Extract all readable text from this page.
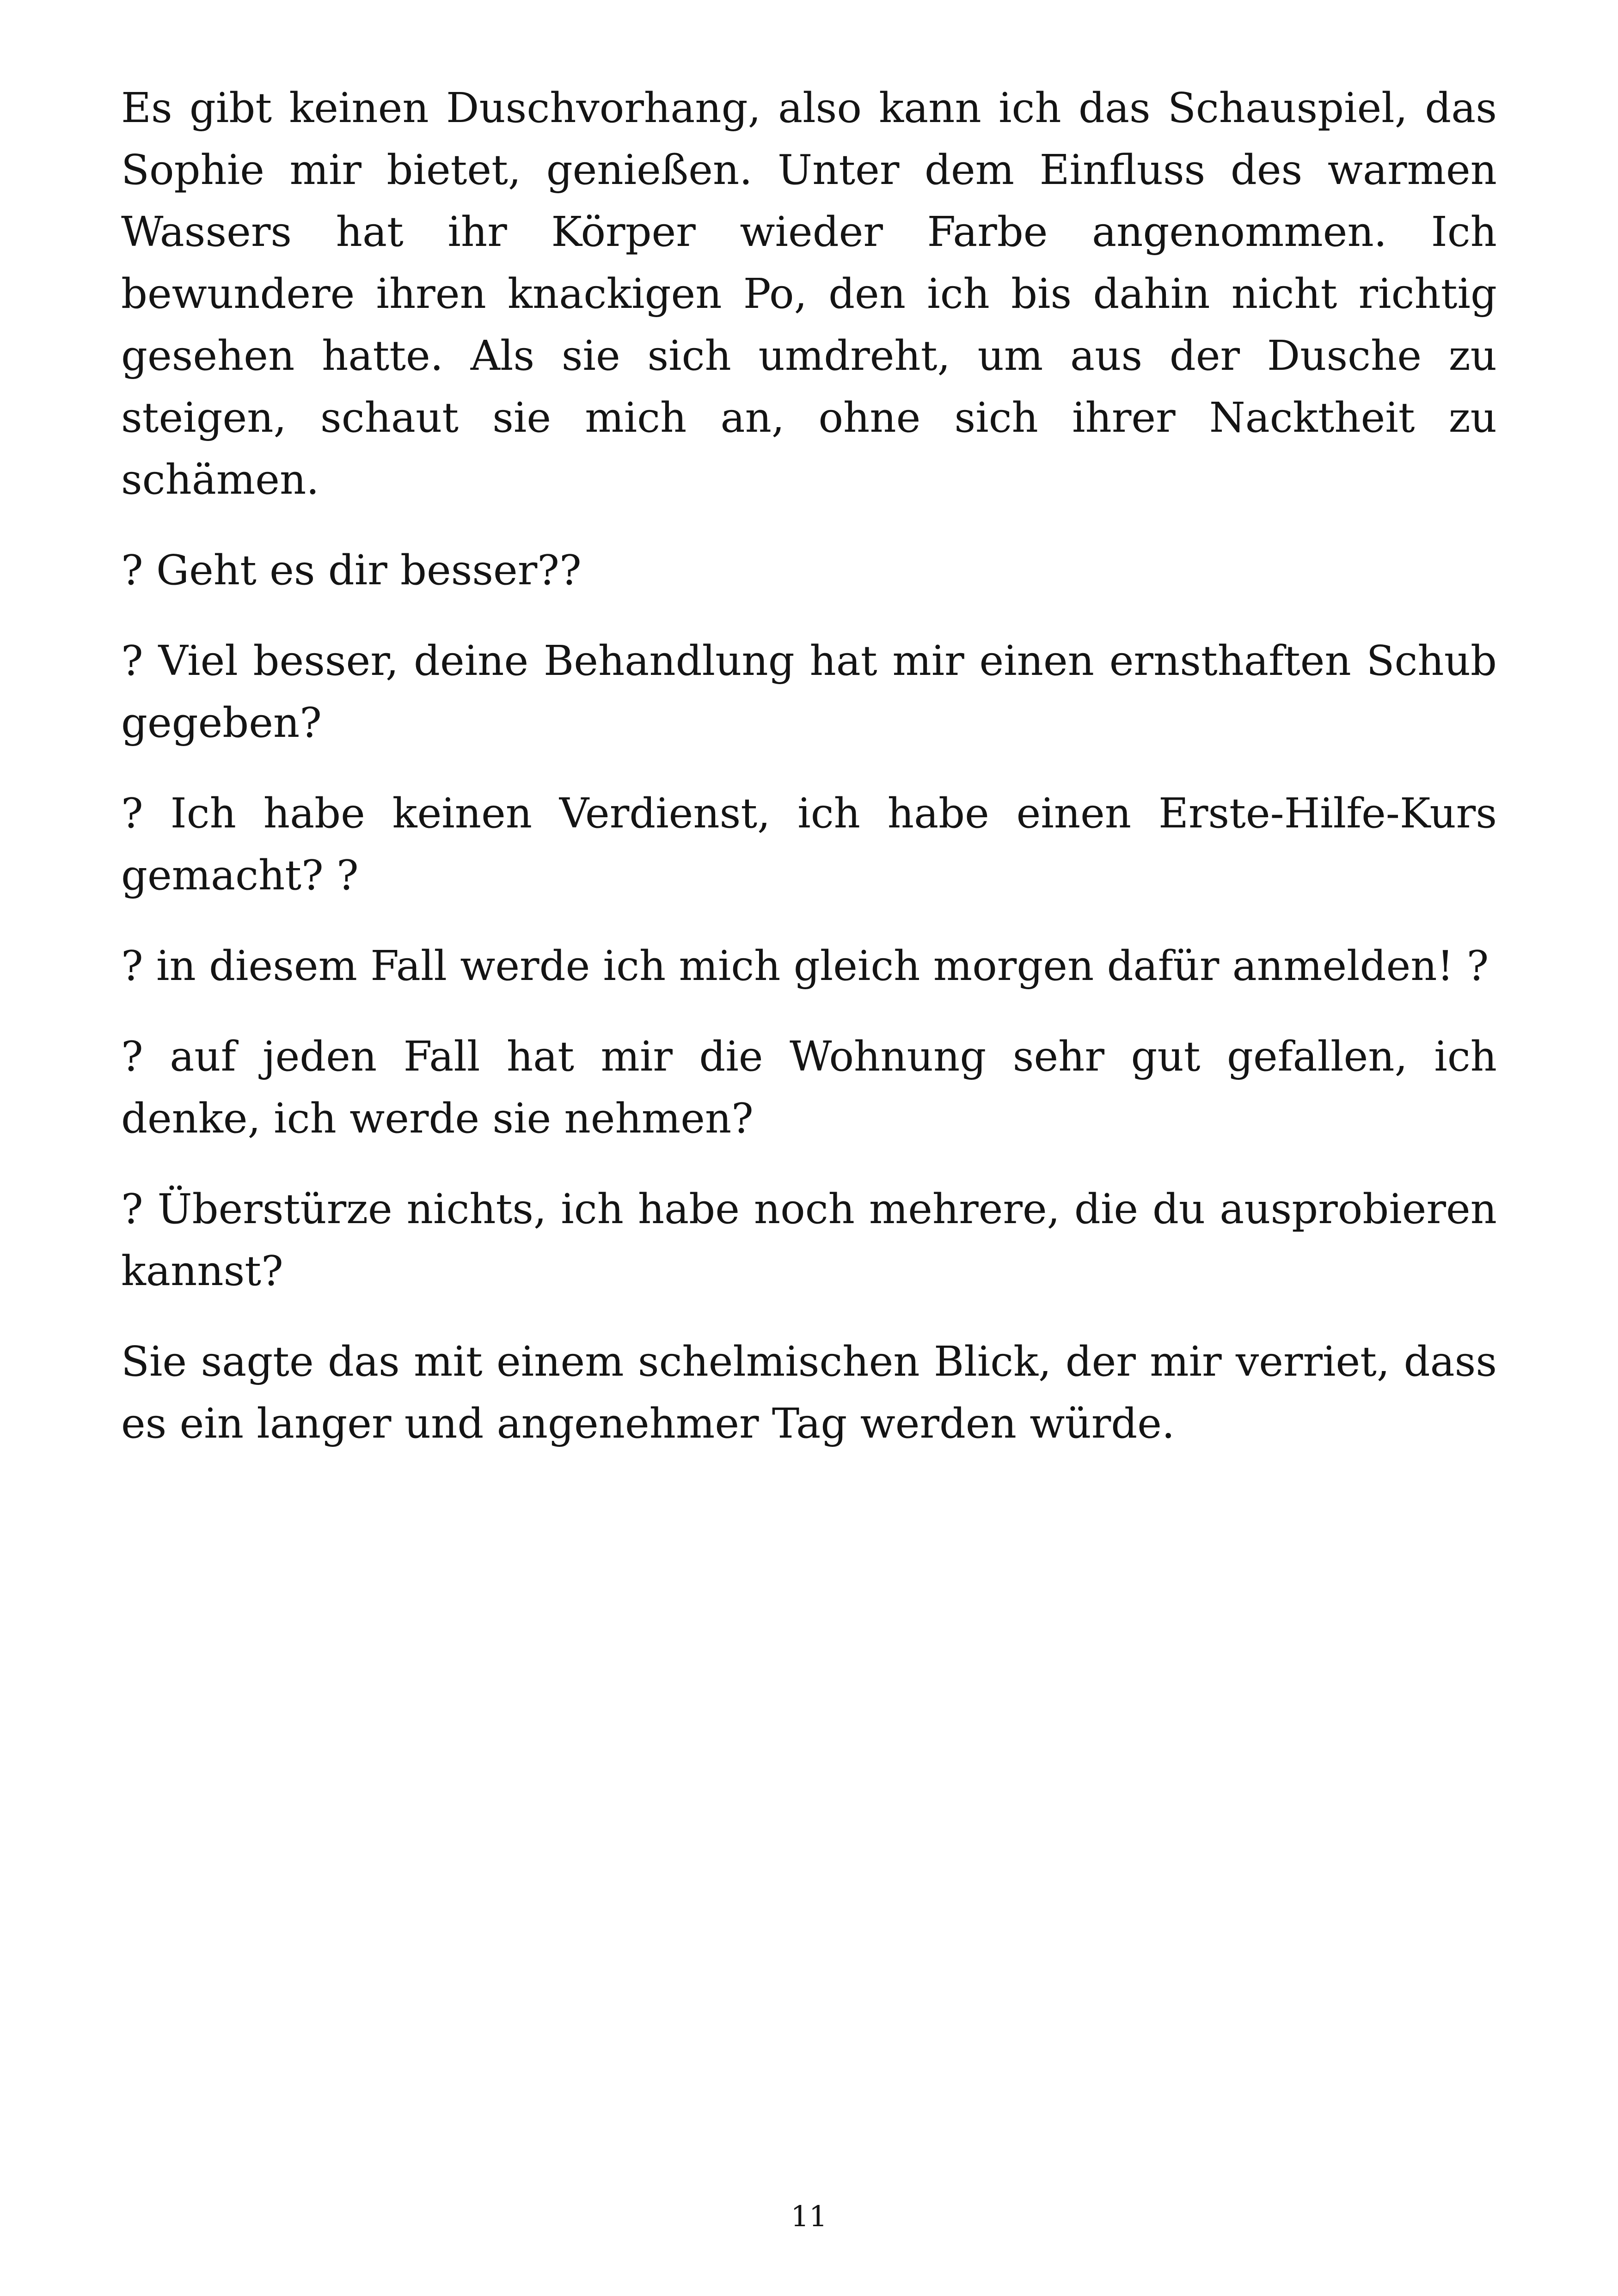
Es gibt keinen Duschvorhang, also kann ich das Schauspiel, das Sophie mir bietet, genießen. Unter dem Einfluss des warmen Wassers hat ihr Körper wieder Farbe angenommen. Ich bewundere ihren knackigen Po, den ich bis dahin nicht richtig gesehen hatte. Als sie sich umdreht, um aus der Dusche zu steigen, schaut sie mich an, ohne sich ihrer Nacktheit zu schämen.

? Geht es dir besser??

? Viel besser, deine Behandlung hat mir einen ernsthaften Schub gegeben?

? Ich habe keinen Verdienst, ich habe einen Erste-Hilfe-Kurs gemacht? ?

? in diesem Fall werde ich mich gleich morgen dafür anmelden! ?

? auf jeden Fall hat mir die Wohnung sehr gut gefallen, ich denke, ich werde sie nehmen?

? Überstürze nichts, ich habe noch mehrere, die du ausprobieren kannst?

Sie sagte das mit einem schelmischen Blick, der mir verriet, dass es ein langer und angenehmer Tag werden würde.

11
